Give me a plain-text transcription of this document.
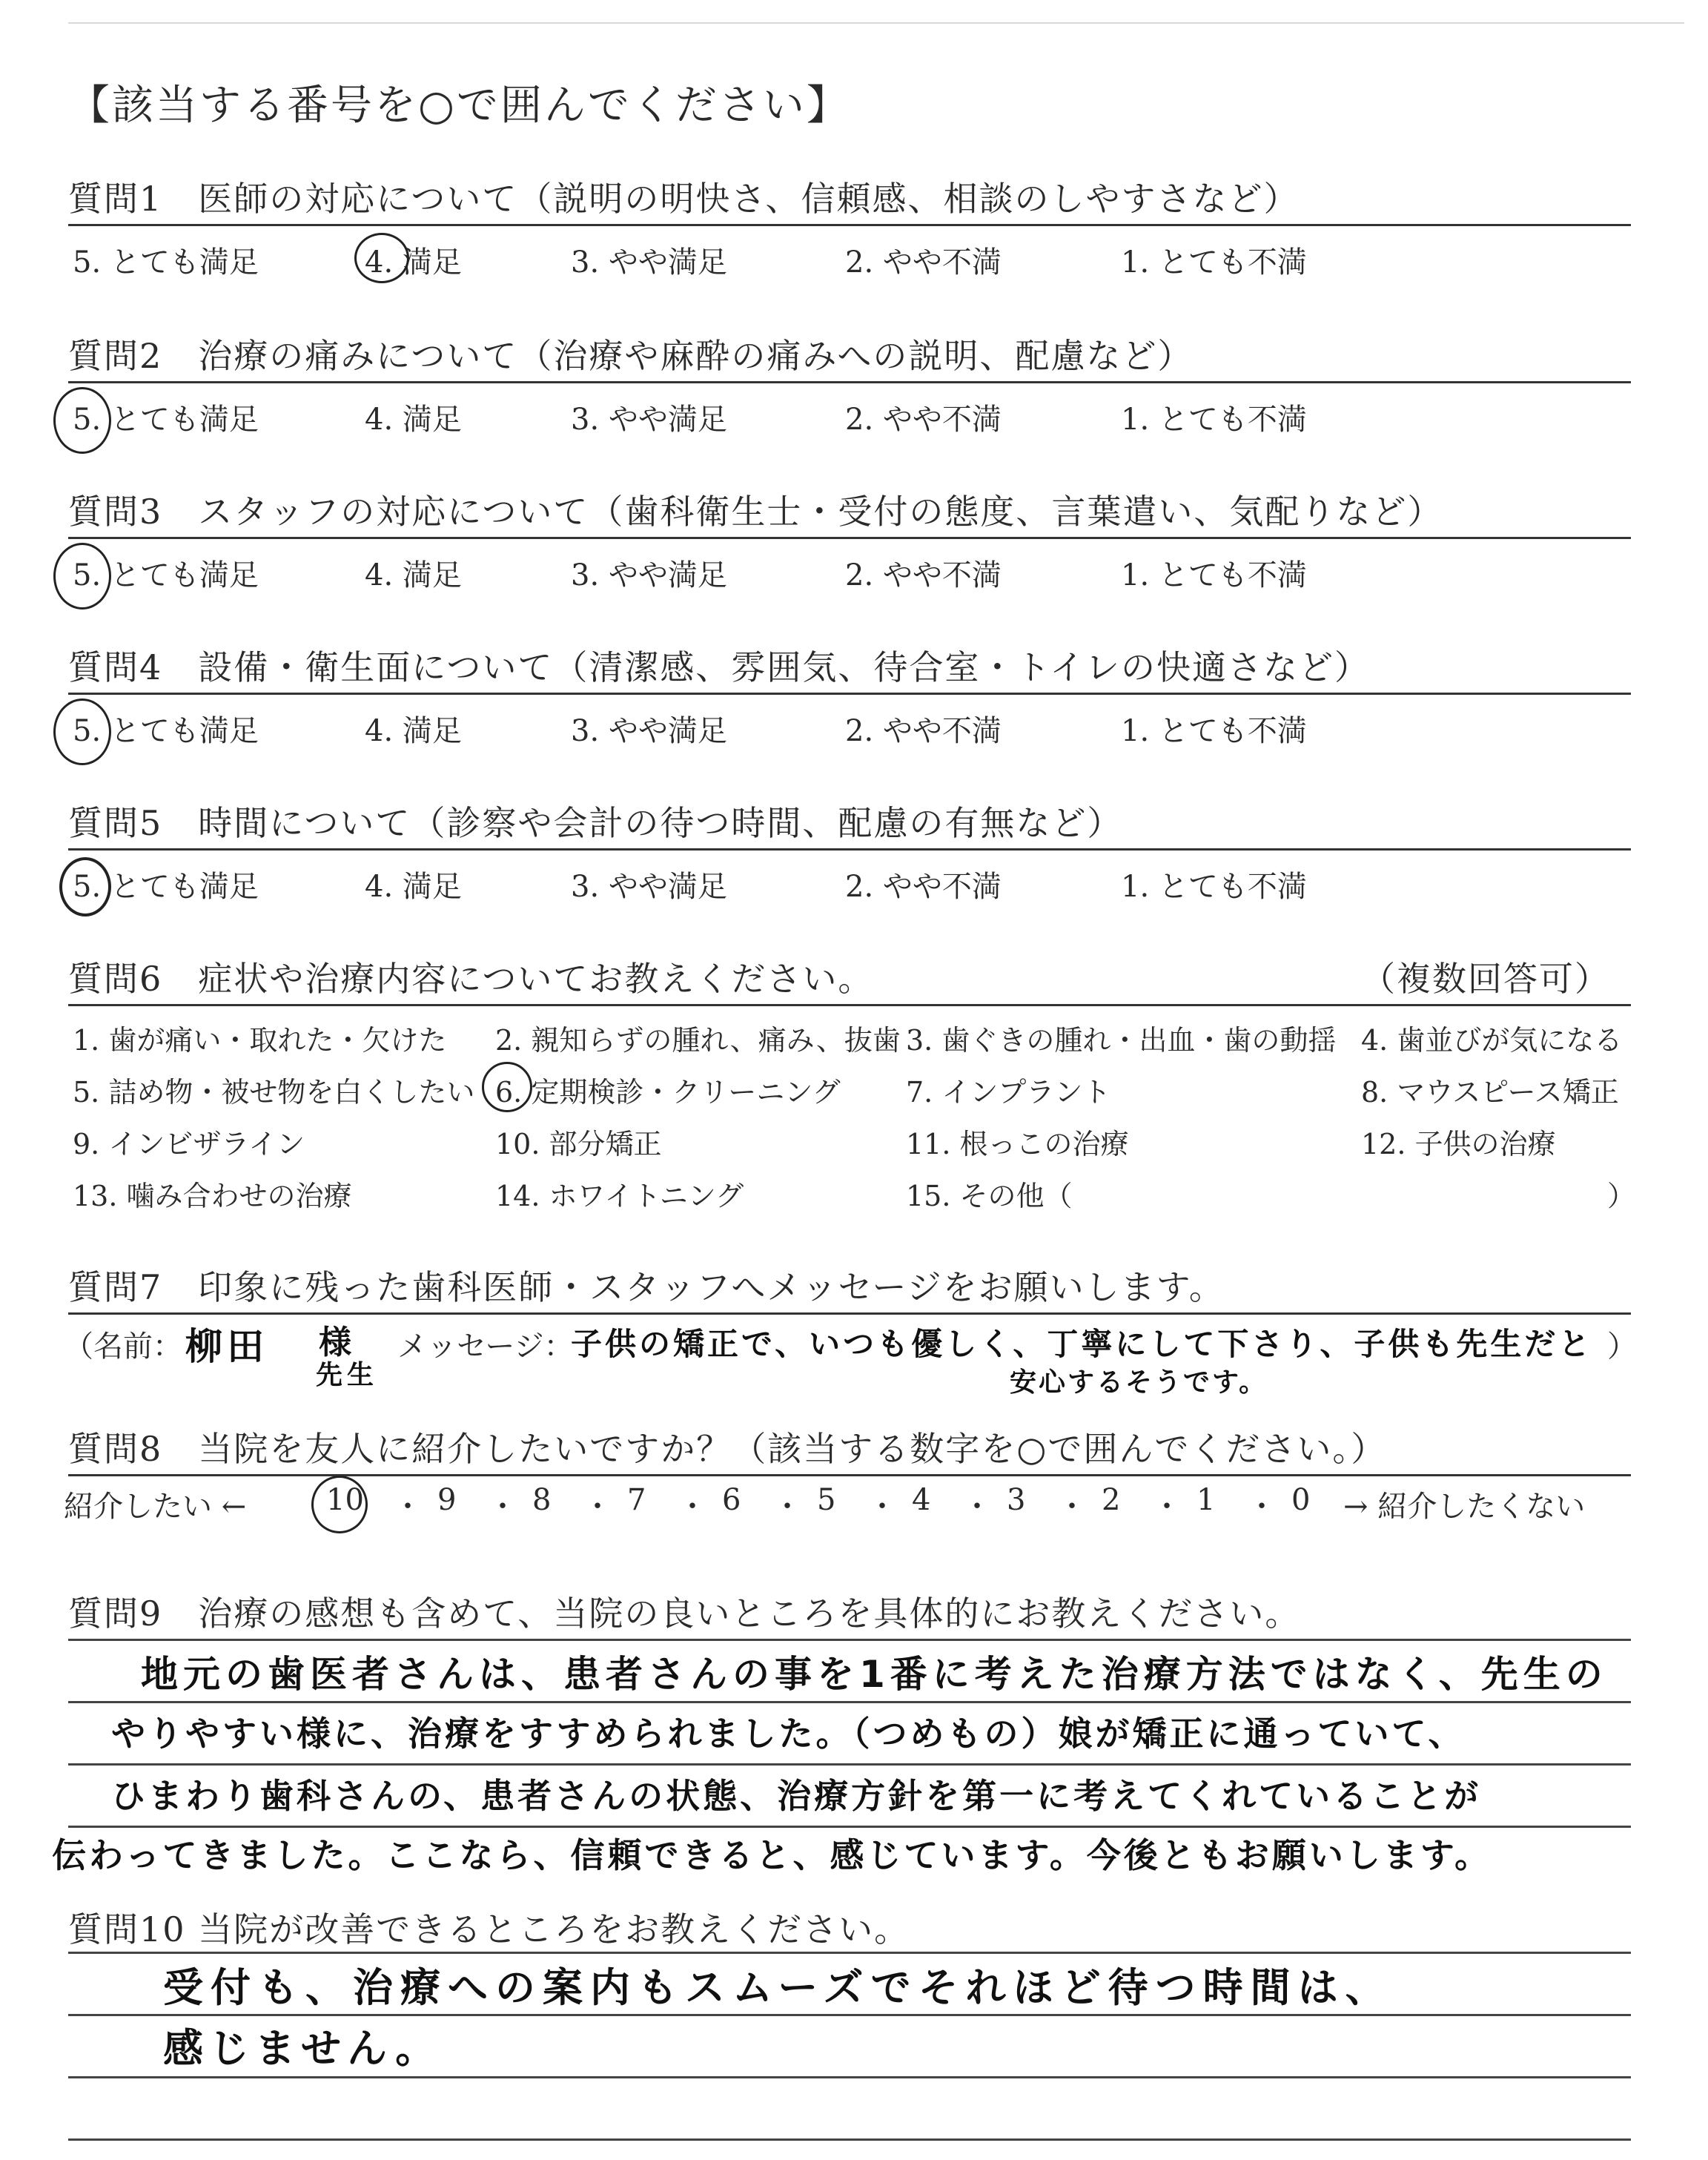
【該当する番号を○で囲んでください】
質問1　医師の対応について（説明の明快さ、信頼感、相談のしやすさなど）
5. とても満足	4. 満足	3. やや満足	2. やや不満	1. とても不満
質問2　治療の痛みについて（治療や麻酔の痛みへの説明、配慮など）
5. とても満足	4. 満足	3. やや満足	2. やや不満	1. とても不満
質問3　スタッフの対応について（歯科衛生士・受付の態度、言葉遣い、気配りなど）
5. とても満足	4. 満足	3. やや満足	2. やや不満	1. とても不満
質問4　設備・衛生面について（清潔感、雰囲気、待合室・トイレの快適さなど）
5. とても満足	4. 満足	3. やや満足	2. やや不満	1. とても不満
質問5　時間について（診察や会計の待つ時間、配慮の有無など）
5. とても満足	4. 満足	3. やや満足	2. やや不満	1. とても不満
質問6　症状や治療内容についてお教えください。	（複数回答可）
1. 歯が痛い・取れた・欠けた 2. 親知らずの腫れ、痛み、抜歯 3. 歯ぐきの腫れ・出血・歯の動揺 4. 歯並びが気になる
5. 詰め物・被せ物を白くしたい 6. 定期検診・クリーニング 7. インプラント	8. マウスピース矯正
9. インビザライン	10. 部分矯正	11. 根っこの治療	12. 子供の治療
13. 噛み合わせの治療	14. ホワイトニング	15. その他（	）
質問7　印象に残った歯科医師・スタッフへメッセージをお願いします。
（名前： 柳田 様
先生
メッセージ：
子供の矯正で、いつも優しく、丁寧にして下さり、子供も先生だと
安心するそうです。
）
質問8　当院を友人に紹介したいですか？（該当する数字を○で囲んでください。）
紹介したい ←	10 ・ 9 ・ 8 ・ 7 ・ 6 ・ 5 ・ 4 ・ 3 ・ 2 ・ 1 ・ 0 → 紹介したくない
質問9　治療の感想も含めて、当院の良いところを具体的にお教えください。
地元の歯医者さんは、患者さんの事を1番に考えた治療方法ではなく、先生の
やりやすい様に、治療をすすめられました。（つめもの）娘が矯正に通っていて、
ひまわり歯科さんの、患者さんの状態、治療方針を第一に考えてくれていることが
伝わってきました。ここなら、信頼できると、感じています。今後ともお願いします。
質問10 当院が改善できるところをお教えください。
受付も、治療への案内もスムーズでそれほど待つ時間は、
感じません。
